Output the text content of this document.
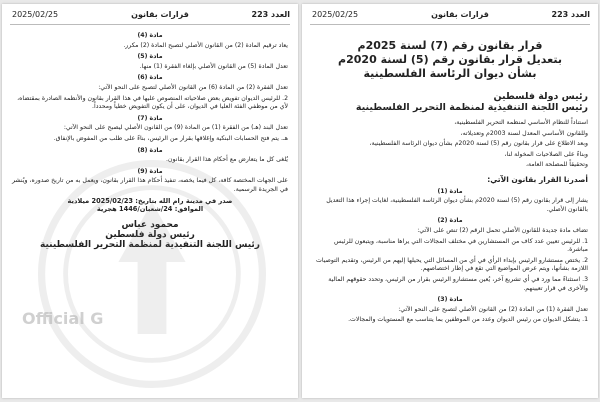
Official G
العدد 223
قرارات بقانون
2025/02/25
مادة (4)

يعاد ترقيم المادة (2) من القانون الأصلي لتصبح المادة (2) مكرر.

مادة (5)

تعدل المادة (5) من القانون الأصلي بإلغاء الفقرة (1) منها.

مادة (6)

تعدل الفقرة (2) من المادة (6) من القانون الأصلي لتصبح على النحو الآتي:

2. للرئيس الديوان تفويض بعض صلاحياته المنصوص عليها في هذا القرار بقانون والأنظمة الصادرة بمقتضاه، لأي من موظفي الفئة العليا في الديوان، على أن يكون التفويض خطياً ومحدداً.

مادة (7)

تعدل البند (هـ) من الفقرة (1) من المادة (9) من القانون الأصلي ليصبح على النحو الآتي:

هـ. يتم فتح الحسابات البنكية وإغلاقها بقرار من الرئيس، بناءً على طلب من المفوض بالإنفاق.

مادة (8)

يُلغى كل ما يتعارض مع أحكام هذا القرار بقانون.

مادة (9)

على الجهات المختصة كافة، كل فيما يخصه، تنفيذ أحكام هذا القرار بقانون، ويعمل به من تاريخ صدوره، ويُنشر في الجريدة الرسمية.

صدر في مدينة رام الله بتاريخ: 2025/02/23 ميلادية
الموافق: 24/شعبان/1446 هجرية
محمود عباس
رئيس دولة فلسطين
رئيس اللجنة التنفيذية لمنظمة التحرير الفلسطينية
العدد 223
قرارات بقانون
2025/02/25
قرار بقانون رقم (7) لسنة 2025م
بتعديل قرار بقانون رقم (5) لسنة 2020م
بشأن ديوان الرئاسة الفلسطينية
رئيس دولة فلسطين
رئيس اللجنة التنفيذية لمنظمة التحرير الفلسطينية

استناداً للنظام الأساسي لمنظمة التحرير الفلسطينية،

وللقانون الأساسي المعدل لسنة 2003م وتعديلاته،

وبعد الاطلاع على قرار بقانون رقم (5) لسنة 2020م بشأن ديوان الرئاسة الفلسطينية،

وبناءً على الصلاحيات المخولة لنا،

وتحقيقاً للمصلحة العامة،

أصدرنا القرار بقانون الآتي:
مادة (1)

يشار إلى قرار بقانون رقم (5) لسنة 2020م بشأن ديوان الرئاسة الفلسطينية، لغايات إجراء هذا التعديل بالقانون الأصلي.

مادة (2)

تضاف مادة جديدة للقانون الأصلي تحمل الرقم (2) تنص على الآتي:

1. للرئيس تعيين عدد كاف من المستشارين في مختلف المجالات التي يراها مناسبة، ويتبعون للرئيس مباشرة.

2. يختص مستشارو الرئيس بإبداء الرأي في أي من المسائل التي يحيلها إليهم من الرئيس، وتقديم التوصيات اللازمة بشأنها، ويتم عرض المواضيع التي تقع في إطار اختصاصهم.

3. استثناءً مما ورد في أي تشريع آخر، يُعين مستشارو الرئيس بقرار من الرئيس، وتحدد حقوقهم المالية والأخرى في قرار تعيينهم.

مادة (3)

تعدل الفقرة (1) من المادة (2) من القانون الأصلي لتصبح على النحو الآتي:

1. يتشكل الديوان من رئيس الديوان وعدد من الموظفين بما يتناسب مع المستويات والمجالات.
